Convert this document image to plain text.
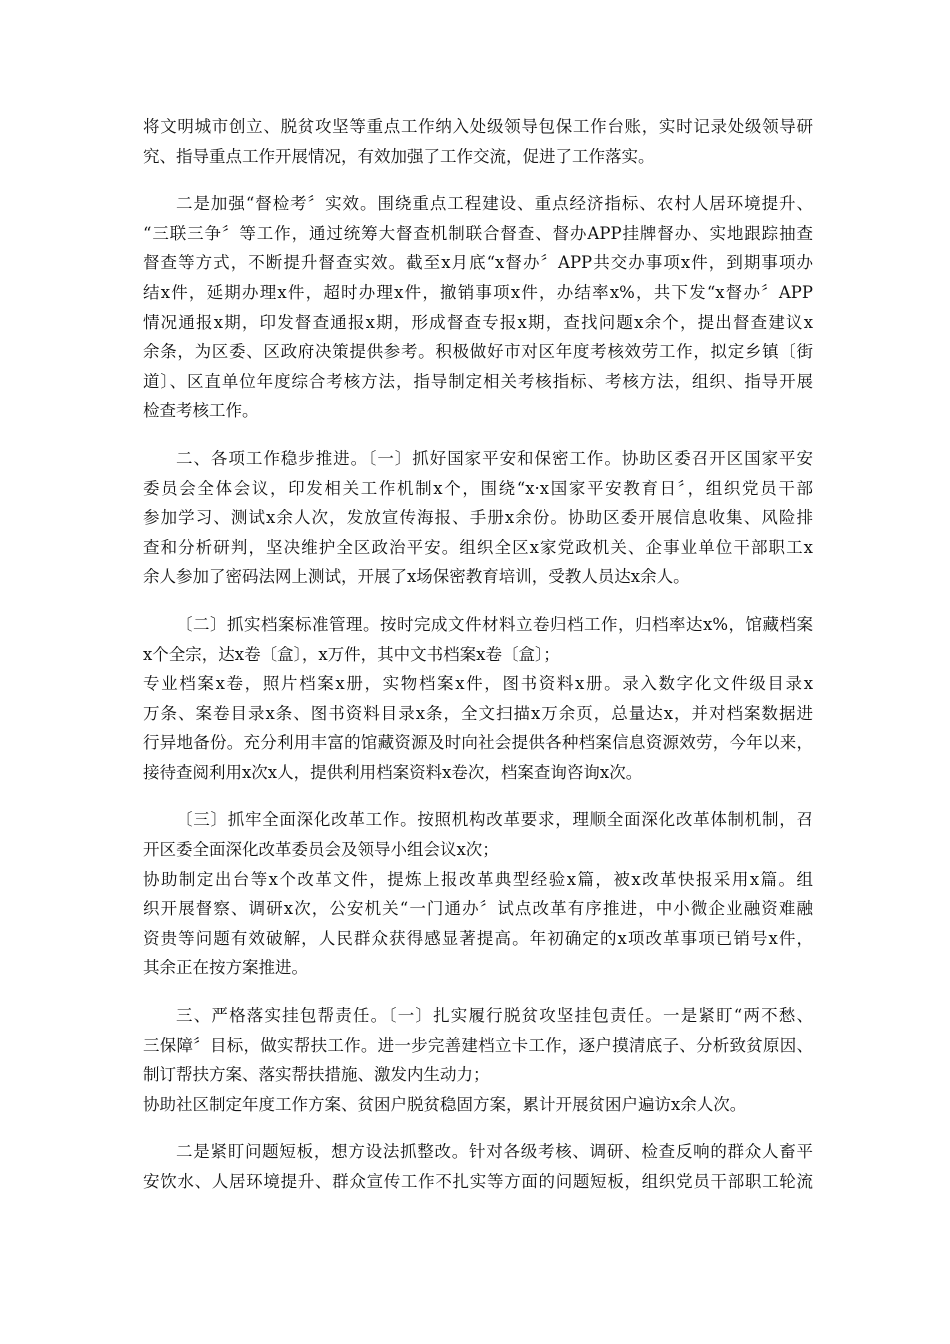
将文明城市创立、脱贫攻坚等重点工作纳入处级领导包保工作台账，实时记录处级领导研
究、指导重点工作开展情况，有效加强了工作交流，促进了工作落实。
二是加强“督检考〞实效。围绕重点工程建设、重点经济指标、农村人居环境提升、
“三联三争〞等工作，通过统筹大督查机制联合督查、督办APP挂牌督办、实地跟踪抽查
督查等方式，不断提升督查实效。截至x月底“x督办〞APP共交办事项x件，到期事项办
结x件，延期办理x件，超时办理x件，撤销事项x件，办结率x%，共下发“x督办〞APP
情况通报x期，印发督查通报x期，形成督查专报x期，查找问题x余个，提出督查建议x
余条，为区委、区政府决策提供参考。积极做好市对区年度考核效劳工作，拟定乡镇〔街
道〕、区直单位年度综合考核方法，指导制定相关考核指标、考核方法，组织、指导开展
检查考核工作。
二、各项工作稳步推进。〔一〕抓好国家平安和保密工作。协助区委召开区国家平安
委员会全体会议，印发相关工作机制x个，围绕“x·x国家平安教育日〞，组织党员干部
参加学习、测试x余人次，发放宣传海报、手册x余份。协助区委开展信息收集、风险排
查和分析研判，坚决维护全区政治平安。组织全区x家党政机关、企事业单位干部职工x
余人参加了密码法网上测试，开展了x场保密教育培训，受教人员达x余人。
〔二〕抓实档案标准管理。按时完成文件材料立卷归档工作，归档率达x%，馆藏档案
x个全宗，达x卷〔盒〕，x万件，其中文书档案x卷〔盒〕；
专业档案x卷，照片档案x册，实物档案x件，图书资料x册。录入数字化文件级目录x
万条、案卷目录x条、图书资料目录x条，全文扫描x万余页，总量达x，并对档案数据进
行异地备份。充分利用丰富的馆藏资源及时向社会提供各种档案信息资源效劳，今年以来，
接待查阅利用x次x人，提供利用档案资料x卷次，档案查询咨询x次。
〔三〕抓牢全面深化改革工作。按照机构改革要求，理顺全面深化改革体制机制，召
开区委全面深化改革委员会及领导小组会议x次；
协助制定出台等x个改革文件，提炼上报改革典型经验x篇，被x改革快报采用x篇。组
织开展督察、调研x次，公安机关“一门通办〞试点改革有序推进，中小微企业融资难融
资贵等问题有效破解，人民群众获得感显著提高。年初确定的x项改革事项已销号x件，
其余正在按方案推进。
三、严格落实挂包帮责任。〔一〕扎实履行脱贫攻坚挂包责任。一是紧盯“两不愁、
三保障〞目标，做实帮扶工作。进一步完善建档立卡工作，逐户摸清底子、分析致贫原因、
制订帮扶方案、落实帮扶措施、激发内生动力；
协助社区制定年度工作方案、贫困户脱贫稳固方案，累计开展贫困户遍访x余人次。
二是紧盯问题短板，想方设法抓整改。针对各级考核、调研、检查反响的群众人畜平
安饮水、人居环境提升、群众宣传工作不扎实等方面的问题短板，组织党员干部职工轮流
